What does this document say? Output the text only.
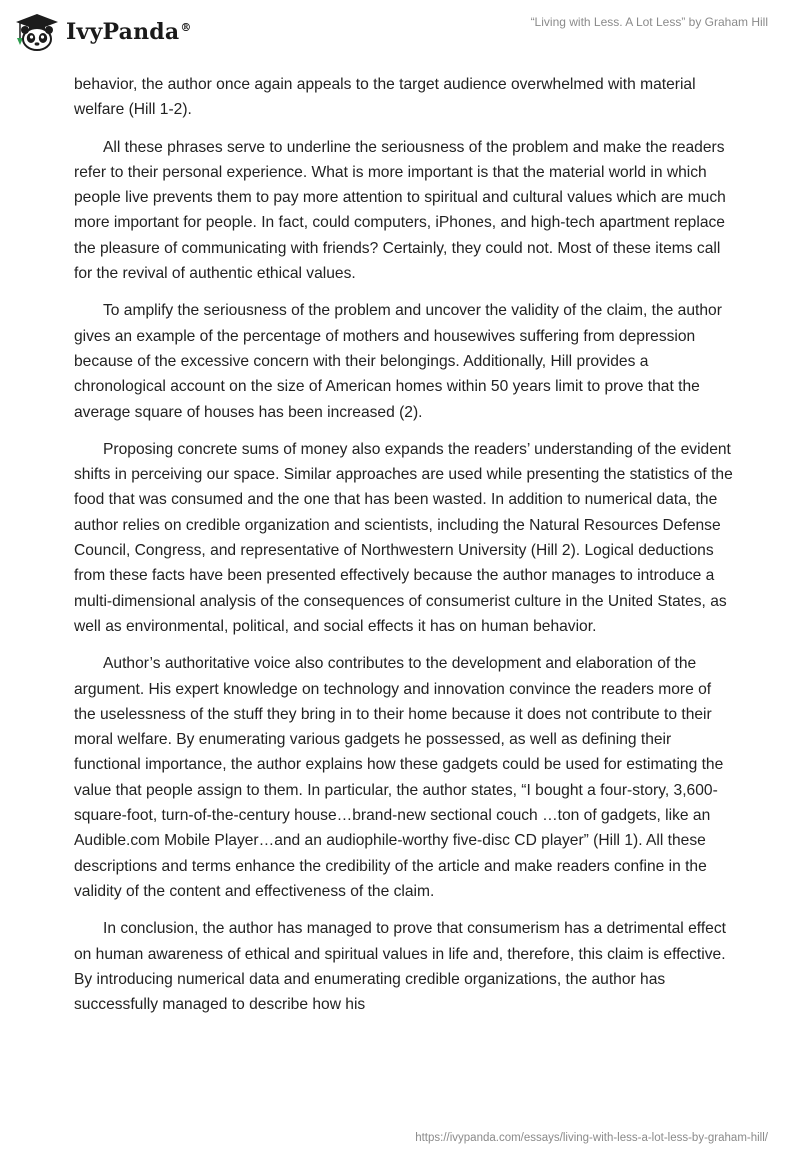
IvyPanda®	“Living with Less. A Lot Less” by Graham Hill

behavior, the author once again appeals to the target audience overwhelmed with material welfare (Hill 1-2).

All these phrases serve to underline the seriousness of the problem and make the readers refer to their personal experience. What is more important is that the material world in which people live prevents them to pay more attention to spiritual and cultural values which are much more important for people. In fact, could computers, iPhones, and high-tech apartment replace the pleasure of communicating with friends? Certainly, they could not. Most of these items call for the revival of authentic ethical values.

To amplify the seriousness of the problem and uncover the validity of the claim, the author gives an example of the percentage of mothers and housewives suffering from depression because of the excessive concern with their belongings. Additionally, Hill provides a chronological account on the size of American homes within 50 years limit to prove that the average square of houses has been increased (2).

Proposing concrete sums of money also expands the readers’ understanding of the evident shifts in perceiving our space. Similar approaches are used while presenting the statistics of the food that was consumed and the one that has been wasted. In addition to numerical data, the author relies on credible organization and scientists, including the Natural Resources Defense Council, Congress, and representative of Northwestern University (Hill 2). Logical deductions from these facts have been presented effectively because the author manages to introduce a multi-dimensional analysis of the consequences of consumerist culture in the United States, as well as environmental, political, and social effects it has on human behavior.

Author’s authoritative voice also contributes to the development and elaboration of the argument. His expert knowledge on technology and innovation convince the readers more of the uselessness of the stuff they bring in to their home because it does not contribute to their moral welfare. By enumerating various gadgets he possessed, as well as defining their functional importance, the author explains how these gadgets could be used for estimating the value that people assign to them. In particular, the author states, “I bought a four-story, 3,600-square-foot, turn-of-the-century house…brand-new sectional couch …ton of gadgets, like an Audible.com Mobile Player…and an audiophile-worthy five-disc CD player” (Hill 1). All these descriptions and terms enhance the credibility of the article and make readers confine in the validity of the content and effectiveness of the claim.

In conclusion, the author has managed to prove that consumerism has a detrimental effect on human awareness of ethical and spiritual values in life and, therefore, this claim is effective. By introducing numerical data and enumerating credible organizations, the author has successfully managed to describe how his

https://ivypanda.com/essays/living-with-less-a-lot-less-by-graham-hill/
